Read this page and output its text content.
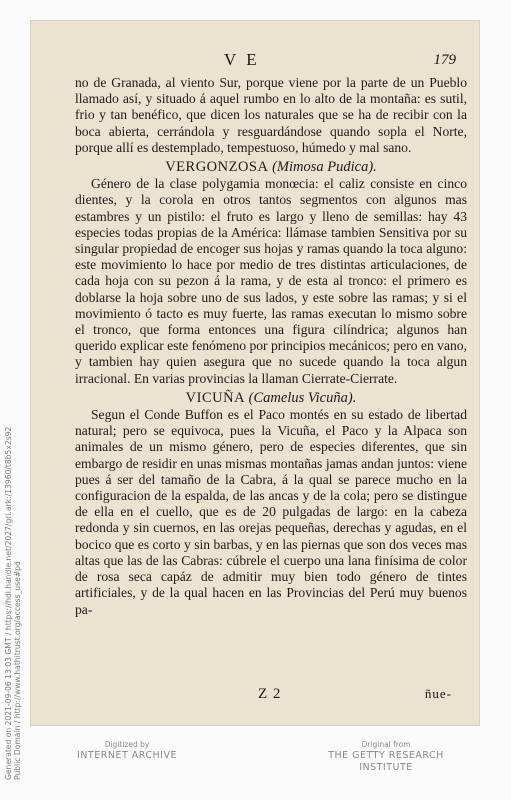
V E	179

no de Granada, al viento Sur, porque viene por la parte de un Pueblo llamado así, y situado á aquel rumbo en lo alto de la montaña: es sutil, frio y tan benéfico, que dicen los naturales que se ha de recibir con la boca abierta, cerrándola y resguardándose quando sopla el Norte, porque allí es destemplado, tempestuoso, húmedo y mal sano.

VERGONZOSA (Mimosa Pudica).

Género de la clase polygamia monœcia: el caliz consiste en cinco dientes, y la corola en otros tantos segmentos con algunos mas estambres y un pistilo: el fruto es largo y lleno de semillas: hay 43 especies todas propias de la América: llámase tambien Sensitiva por su singular propiedad de encoger sus hojas y ramas quando la toca alguno: este movimiento lo hace por medio de tres distintas articulaciones, de cada hoja con su pezon á la rama, y de esta al tronco: el primero es doblarse la hoja sobre uno de sus lados, y este sobre las ramas; y si el movimiento ó tacto es muy fuerte, las ramas executan lo mismo sobre el tronco, que forma entonces una figura cilíndrica; algunos han querido explicar este fenómeno por principios mecánicos; pero en vano, y tambien hay quien asegura que no sucede quando la toca algun irracional. En varias provincias la llaman Cierrate-Cierrate.

VICUÑA (Camelus Vicuña).

Segun el Conde Buffon es el Paco montés en su estado de libertad natural; pero se equivoca, pues la Vicuña, el Paco y la Alpaca son animales de un mismo género, pero de especies diferentes, que sin embargo de residir en unas mismas montañas jamas andan juntos: viene pues á ser del tamaño de la Cabra, á la qual se parece mucho en la configuracion de la espalda, de las ancas y de la cola; pero se distingue de ella en el cuello, que es de 20 pulgadas de largo: en la cabeza redonda y sin cuernos, en las orejas pequeñas, derechas y agudas, en el bocico que es corto y sin barbas, y en las piernas que son dos veces mas altas que las de las Cabras: cúbrele el cuerpo una lana finísima de color de rosa seca capáz de admitir muy bien todo género de tintes artificiales, y de la qual hacen en las Provincias del Perú muy buenos pa-

Z 2	ñue-
Generated on 2021-09-06 13:03 GMT / https://hdl.handle.net/2027/gri.ark:/13960/t8b5x2s92 Public Domain / http://www.hathitrust.org/access_use#pd	Digitized by
INTERNET ARCHIVE
Original from
THE GETTY RESEARCH INSTITUTE
